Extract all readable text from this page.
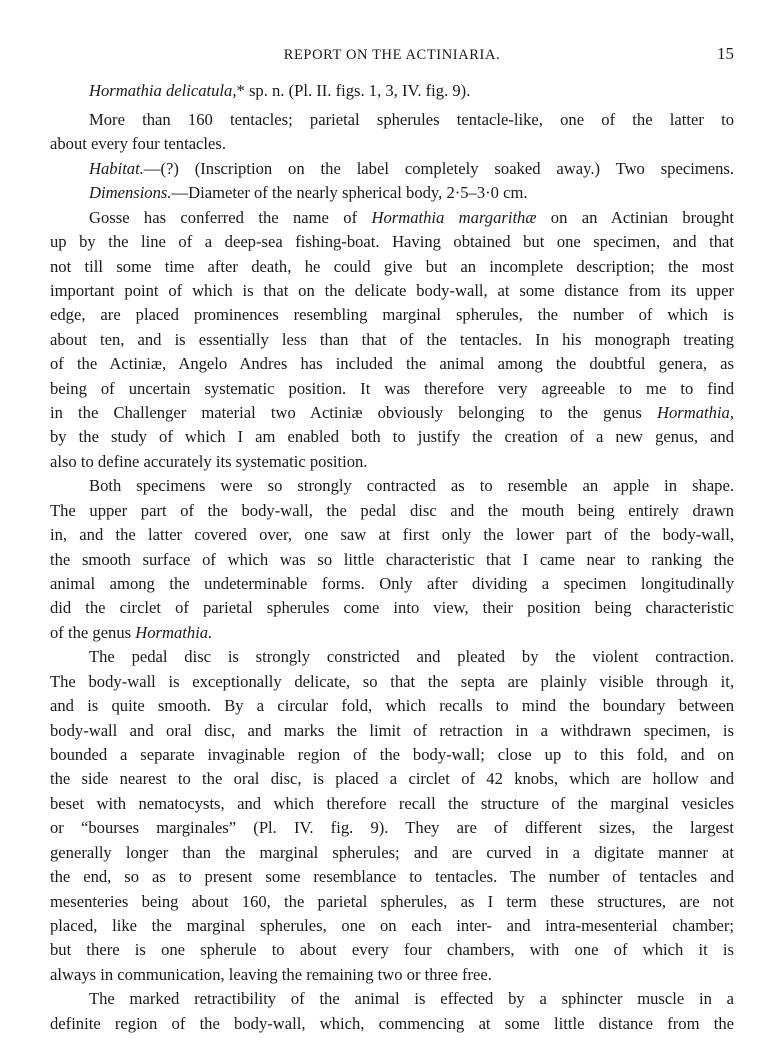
REPORT ON THE ACTINIARIA.	15
Hormathia delicatula,* sp. n. (Pl. II. figs. 1, 3, IV. fig. 9).
More than 160 tentacles; parietal spherules tentacle-like, one of the latter to
about every four tentacles.
Habitat.—(?) (Inscription on the label completely soaked away.) Two specimens.
Dimensions.—Diameter of the nearly spherical body, 2·5–3·0 cm.
Gosse has conferred the name of Hormathia margarithæ on an Actinian brought
up by the line of a deep-sea fishing-boat. Having obtained but one specimen, and that
not till some time after death, he could give but an incomplete description; the most
important point of which is that on the delicate body-wall, at some distance from its upper
edge, are placed prominences resembling marginal spherules, the number of which is
about ten, and is essentially less than that of the tentacles. In his monograph treating
of the Actiniæ, Angelo Andres has included the animal among the doubtful genera, as
being of uncertain systematic position. It was therefore very agreeable to me to find
in the Challenger material two Actiniæ obviously belonging to the genus Hormathia,
by the study of which I am enabled both to justify the creation of a new genus, and
also to define accurately its systematic position.
Both specimens were so strongly contracted as to resemble an apple in shape.
The upper part of the body-wall, the pedal disc and the mouth being entirely drawn
in, and the latter covered over, one saw at first only the lower part of the body-wall,
the smooth surface of which was so little characteristic that I came near to ranking the
animal among the undeterminable forms. Only after dividing a specimen longitudinally
did the circlet of parietal spherules come into view, their position being characteristic
of the genus Hormathia.
The pedal disc is strongly constricted and pleated by the violent contraction.
The body-wall is exceptionally delicate, so that the septa are plainly visible through it,
and is quite smooth. By a circular fold, which recalls to mind the boundary between
body-wall and oral disc, and marks the limit of retraction in a withdrawn specimen, is
bounded a separate invaginable region of the body-wall; close up to this fold, and on
the side nearest to the oral disc, is placed a circlet of 42 knobs, which are hollow and
beset with nematocysts, and which therefore recall the structure of the marginal vesicles
or “bourses marginales” (Pl. IV. fig. 9). They are of different sizes, the largest
generally longer than the marginal spherules; and are curved in a digitate manner at
the end, so as to present some resemblance to tentacles. The number of tentacles and
mesenteries being about 160, the parietal spherules, as I term these structures, are not
placed, like the marginal spherules, one on each inter- and intra-mesenterial chamber;
but there is one spherule to about every four chambers, with one of which it is
always in communication, leaving the remaining two or three free.
The marked retractibility of the animal is effected by a sphincter muscle in a
definite region of the body-wall, which, commencing at some little distance from the
